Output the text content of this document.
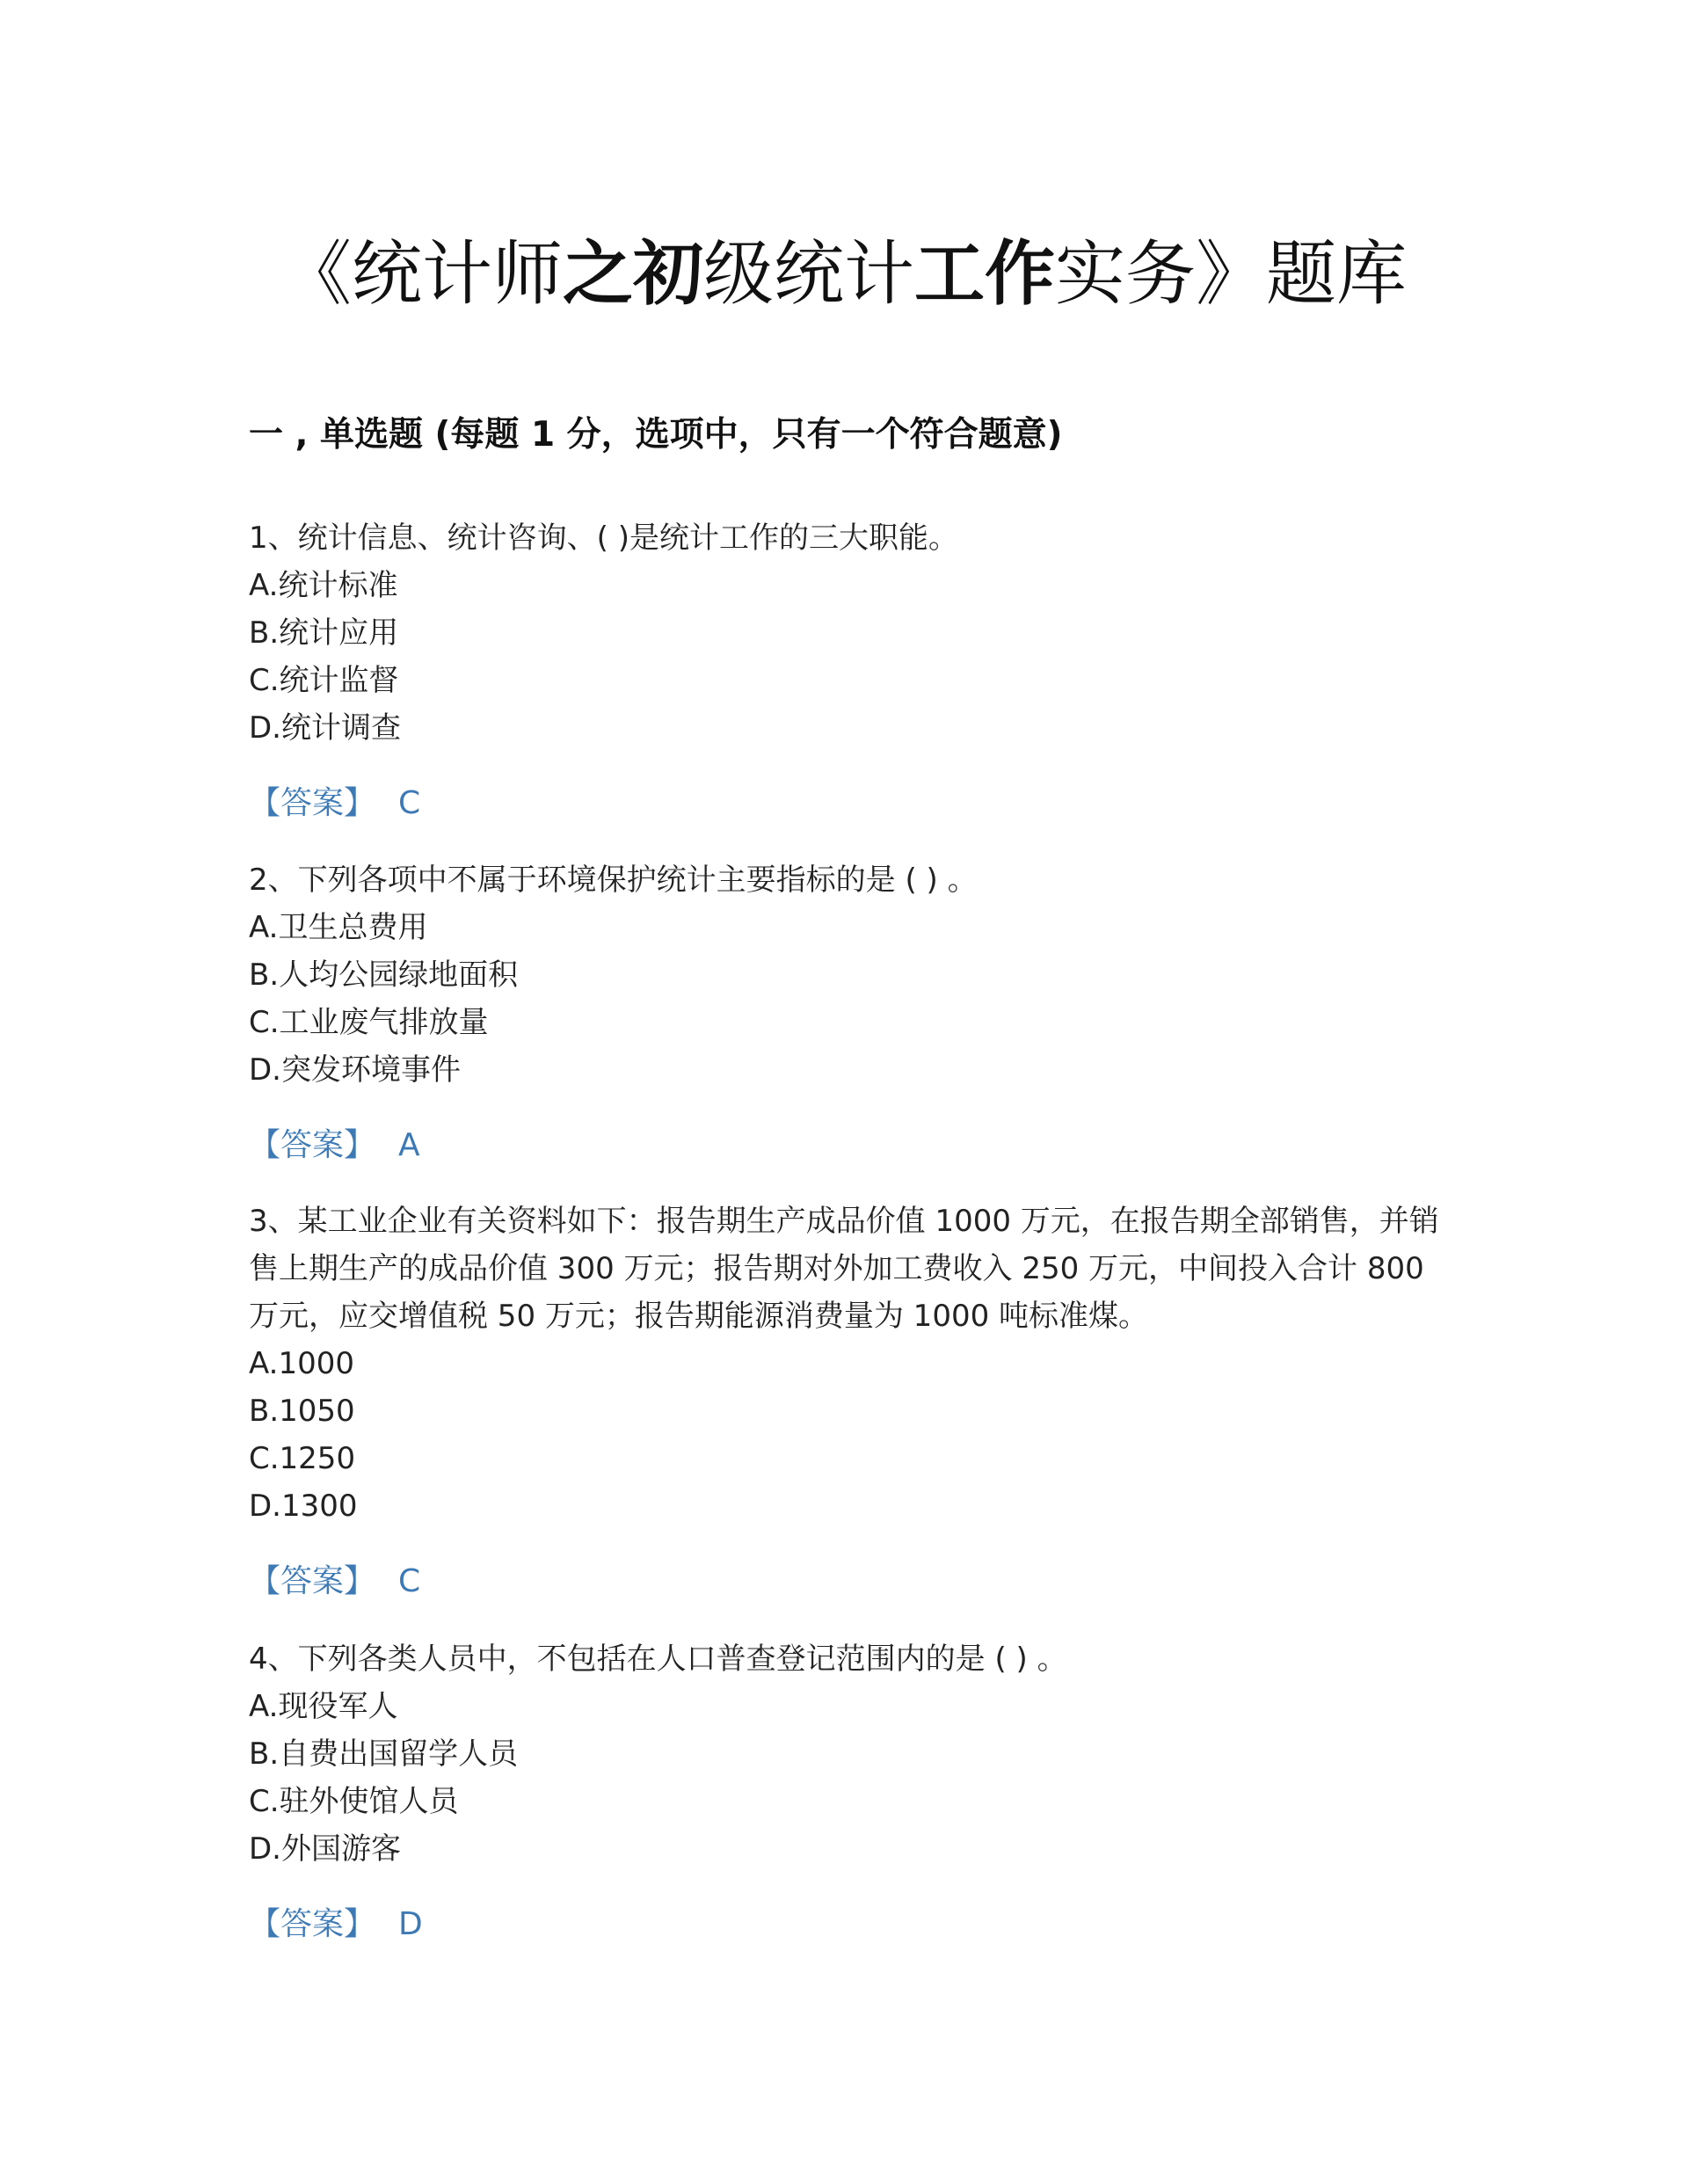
《统计师之初级统计工作实务》题库
一 , 单选题 (每题 1 分，选项中，只有一个符合题意)

1、统计信息、统计咨询、( )是统计工作的三大职能。

A.统计标准

B.统计应用

C.统计监督

D.统计调查

【答案】 C

2、下列各项中不属于环境保护统计主要指标的是 ( ) 。

A.卫生总费用

B.人均公园绿地面积

C.工业废气排放量

D.突发环境事件

【答案】 A

3、某工业企业有关资料如下：报告期生产成品价值 1000 万元，在报告期全部销售，并销售上期生产的成品价值 300 万元；报告期对外加工费收入 250 万元，中间投入合计 800 万元，应交增值税 50 万元；报告期能源消费量为 1000 吨标准煤。

A.1000

B.1050

C.1250

D.1300

【答案】 C

4、下列各类人员中，不包括在人口普查登记范围内的是 ( ) 。

A.现役军人

B.自费出国留学人员

C.驻外使馆人员

D.外国游客

【答案】 D
